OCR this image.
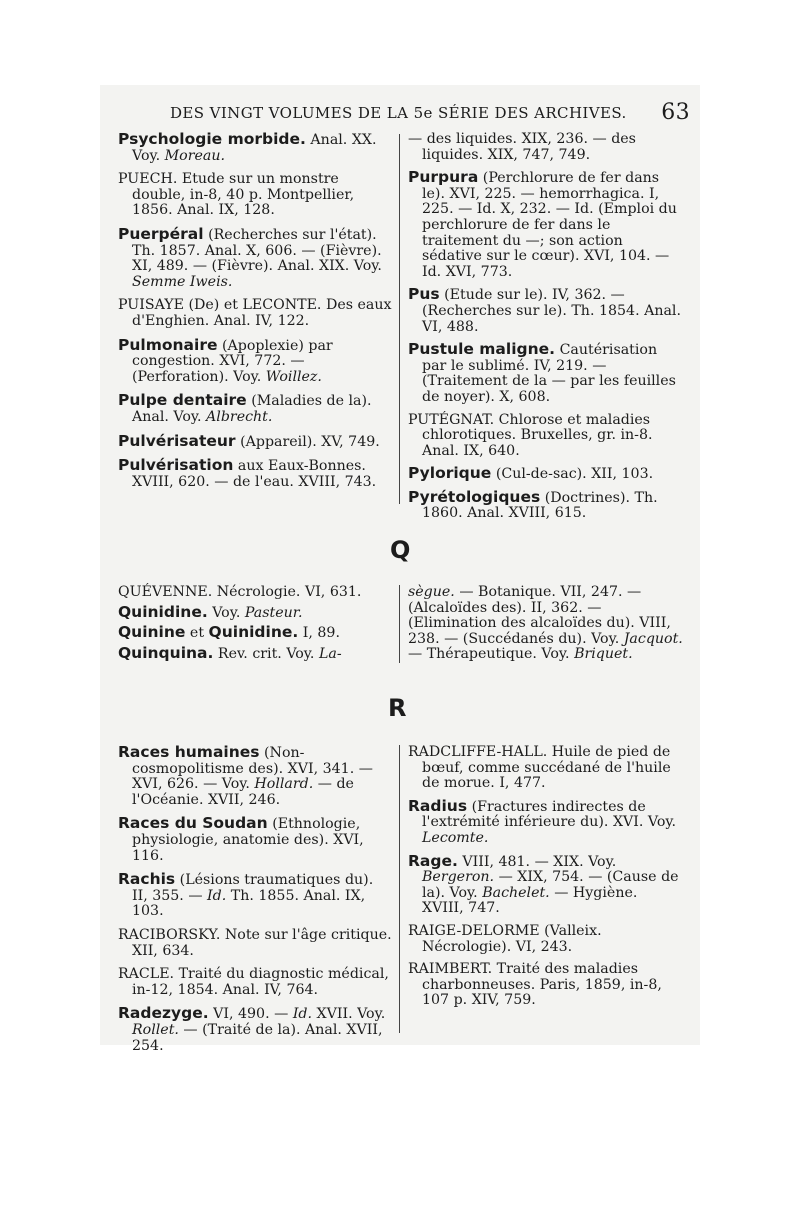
DES VINGT VOLUMES DE LA 5e SÉRIE DES ARCHIVES. 63

Psychologie morbide. Anal. XX. Voy. Moreau.

PUECH. Etude sur un monstre double, in-8, 40 p. Montpellier, 1856. Anal. IX, 128.

Puerpéral (Recherches sur l'état). Th. 1857. Anal. X, 606. — (Fièvre). XI, 489. — (Fièvre). Anal. XIX. Voy. Semme Iweis.

PUISAYE (De) et LECONTE. Des eaux d'Enghien. Anal. IV, 122.

Pulmonaire (Apoplexie) par congestion. XVI, 772. — (Perforation). Voy. Woillez.

Pulpe dentaire (Maladies de la). Anal. Voy. Albrecht.

Pulvérisateur (Appareil). XV, 749.

Pulvérisation aux Eaux-Bonnes. XVIII, 620. — de l'eau. XVIII, 743.

— des liquides. XIX, 236. — des liquides. XIX, 747, 749.

Purpura (Perchlorure de fer dans le). XVI, 225. — hemorrhagica. I, 225. — Id. X, 232. — Id. (Emploi du perchlorure de fer dans le traitement du —; son action sédative sur le cœur). XVI, 104. — Id. XVI, 773.

Pus (Etude sur le). IV, 362. — (Recherches sur le). Th. 1854. Anal. VI, 488.

Pustule maligne. Cautérisation par le sublimé. IV, 219. — (Traitement de la — par les feuilles de noyer). X, 608.

PUTÉGNAT. Chlorose et maladies chlorotiques. Bruxelles, gr. in-8. Anal. IX, 640.

Pylorique (Cul-de-sac). XII, 103.

Pyrétologiques (Doctrines). Th. 1860. Anal. XVIII, 615.

Q

QUÉVENNE. Nécrologie. VI, 631.

Quinidine. Voy. Pasteur.

Quinine et Quinidine. I, 89.

Quinquina. Rev. crit. Voy. La-

sègue. — Botanique. VII, 247. — (Alcaloïdes des). II, 362. — (Elimination des alcaloïdes du). VIII, 238. — (Succédanés du). Voy. Jacquot. — Thérapeutique. Voy. Briquet.

R

Races humaines (Non-cosmopolitisme des). XVI, 341. — XVI, 626. — Voy. Hollard. — de l'Océanie. XVII, 246.

Races du Soudan (Ethnologie, physiologie, anatomie des). XVI, 116.

Rachis (Lésions traumatiques du). II, 355. — Id. Th. 1855. Anal. IX, 103.

RACIBORSKY. Note sur l'âge critique. XII, 634.

RACLE. Traité du diagnostic médical, in-12, 1854. Anal. IV, 764.

Radezyge. VI, 490. — Id. XVII. Voy. Rollet. — (Traité de la). Anal. XVII, 254.

RADCLIFFE-HALL. Huile de pied de bœuf, comme succédané de l'huile de morue. I, 477.

Radius (Fractures indirectes de l'extrémité inférieure du). XVI. Voy. Lecomte.

Rage. VIII, 481. — XIX. Voy. Bergeron. — XIX, 754. — (Cause de la). Voy. Bachelet. — Hygiène. XVIII, 747.

RAIGE-DELORME (Valleix. Nécrologie). VI, 243.

RAIMBERT. Traité des maladies charbonneuses. Paris, 1859, in-8, 107 p. XIV, 759.
